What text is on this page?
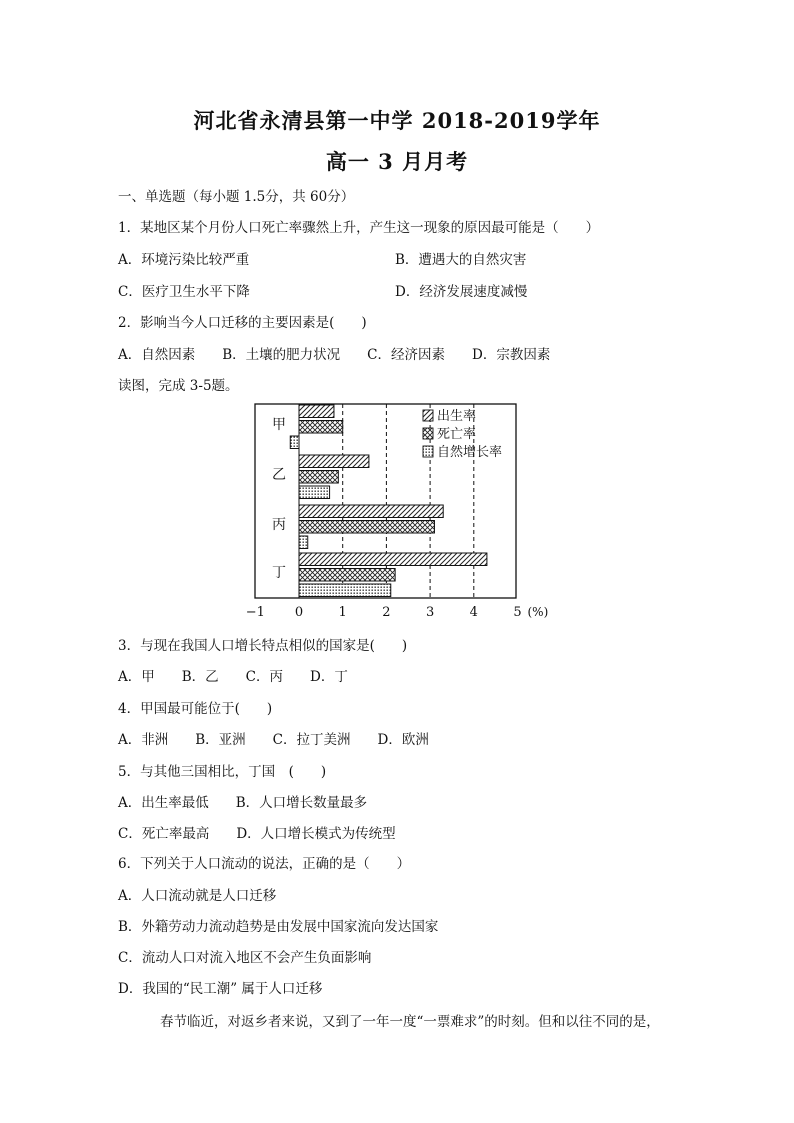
河北省永清县第一中学 2018-2019学年
高一 3 月月考
一、单选题（每小题 1.5分，共 60分）
1．某地区某个月份人口死亡率骤然上升，产生这一现象的原因最可能是（　　）
A．环境污染比较严重	B．遭遇大的自然灾害
C．医疗卫生水平下降	D．经济发展速度减慢
2．影响当今人口迁移的主要因素是(　　)
A．自然因素　　B．土壤的肥力状况　　C．经济因素　　D．宗教因素
读图，完成 3-5题。
甲
乙
丙
丁
−1 0	1	2	3	4	5 (%)
出生率
死亡率
自然增长率
3．与现在我国人口增长特点相似的国家是(　　)
A．甲　　B．乙　　C．丙　　D．丁
4．甲国最可能位于(　　)
A．非洲　　B．亚洲　　C．拉丁美洲　　D．欧洲
5．与其他三国相比，丁国　(　　)
A．出生率最低　　B．人口增长数量最多
C．死亡率最高　　D．人口增长模式为传统型
6．下列关于人口流动的说法，正确的是（　　）
A．人口流动就是人口迁移
B．外籍劳动力流动趋势是由发展中国家流向发达国家
C．流动人口对流入地区不会产生负面影响
D．我国的“民工潮” 属于人口迁移
春节临近，对返乡者来说，又到了一年一度“一票难求”的时刻。但和以往不同的是，
